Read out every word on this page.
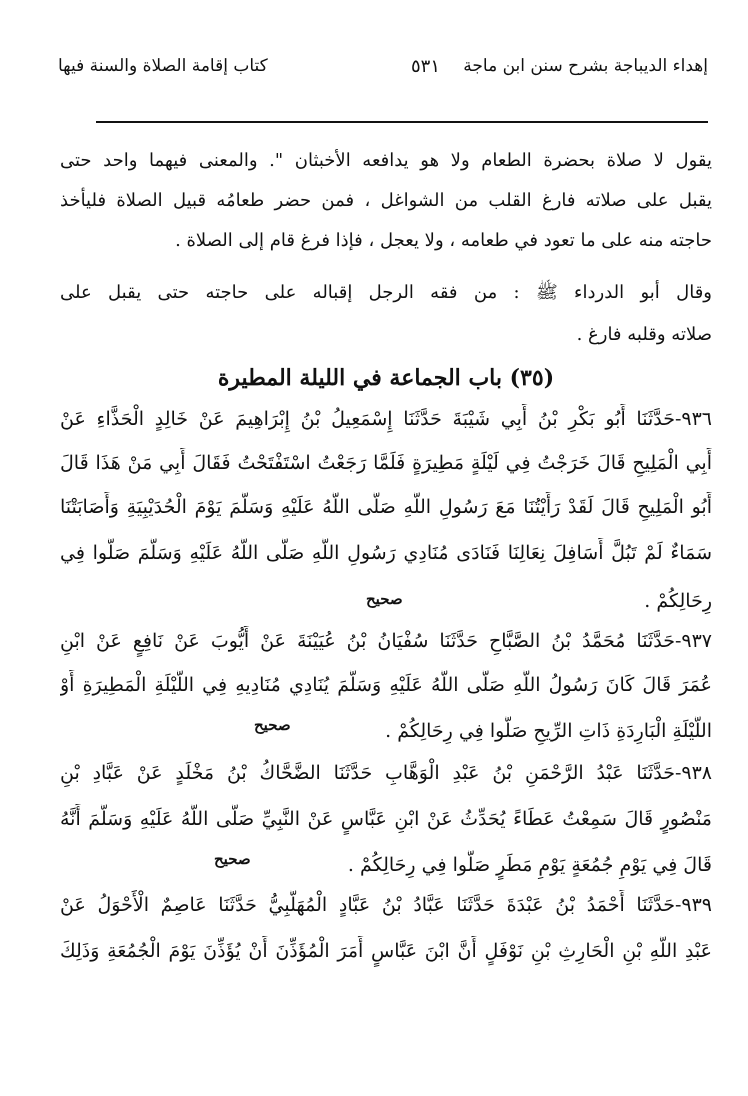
إهداء الديباجة بشرح سنن ابن ماجة
٥٣١
كتاب إقامة الصلاة والسنة فيها
يقول لا صلاة بحضرة الطعام ولا هو يدافعه الأخبثان ". والمعنى فيهما واحد حتى
يقبل على صلاته فارغ القلب من الشواغل ، فمن حضر طعامُه قبيل الصلاة فليأخذ
حاجته منه على ما تعود في طعامه ، ولا يعجل ، فإذا فرغ قام إلى الصلاة .
وقال أبو الدرداء ﷺ : من فقه الرجل إقباله على حاجته حتى يقبل على
صلاته وقلبه فارغ .
(٣٥) باب الجماعة في الليلة المطيرة
٩٣٦-حَدَّثَنَا أَبُو بَكْرِ بْنُ أَبِي شَيْبَةَ حَدَّثَنَا إِسْمَعِيلُ بْنُ إِبْرَاهِيمَ عَنْ خَالِدٍ الْحَذَّاءِ عَنْ
أَبِي الْمَلِيحِ قَالَ خَرَجْتُ فِي لَيْلَةٍ مَطِيرَةٍ فَلَمَّا رَجَعْتُ اسْتَفْتَحْتُ فَقَالَ أَبِي مَنْ هَذَا قَالَ
أَبُو الْمَلِيحِ قَالَ لَقَدْ رَأَيْتُنَا مَعَ رَسُولِ اللَّهِ صَلَّى اللَّهُ عَلَيْهِ وَسَلَّمَ يَوْمَ الْحُدَيْبِيَةِ وَأَصَابَتْنَا
سَمَاءٌ لَمْ تَبُلَّ أَسَافِلَ نِعَالِنَا فَنَادَى مُنَادِي رَسُولِ اللَّهِ صَلَّى اللَّهُ عَلَيْهِ وَسَلَّمَ صَلُّوا فِي
رِحَالِكُمْ .
صحيح
٩٣٧-حَدَّثَنَا مُحَمَّدُ بْنُ الصَّبَّاحِ حَدَّثَنَا سُفْيَانُ بْنُ عُيَيْنَةَ عَنْ أَيُّوبَ عَنْ نَافِعٍ عَنْ ابْنِ
عُمَرَ قَالَ كَانَ رَسُولُ اللَّهِ صَلَّى اللَّهُ عَلَيْهِ وَسَلَّمَ يُنَادِي مُنَادِيهِ فِي اللَّيْلَةِ الْمَطِيرَةِ أَوْ
اللَّيْلَةِ الْبَارِدَةِ ذَاتِ الرِّيحِ صَلُّوا فِي رِحَالِكُمْ .
صحيح
٩٣٨-حَدَّثَنَا عَبْدُ الرَّحْمَنِ بْنُ عَبْدِ الْوَهَّابِ حَدَّثَنَا الضَّحَّاكُ بْنُ مَخْلَدٍ عَنْ عَبَّادِ بْنِ
مَنْصُورٍ قَالَ سَمِعْتُ عَطَاءً يُحَدِّثُ عَنْ ابْنِ عَبَّاسٍ عَنْ النَّبِيِّ صَلَّى اللَّهُ عَلَيْهِ وَسَلَّمَ أَنَّهُ
قَالَ فِي يَوْمِ جُمُعَةٍ يَوْمِ مَطَرٍ صَلُّوا فِي رِحَالِكُمْ .
صحيح
٩٣٩-حَدَّثَنَا أَحْمَدُ بْنُ عَبْدَةَ حَدَّثَنَا عَبَّادُ بْنُ عَبَّادٍ الْمُهَلَّبِيُّ حَدَّثَنَا عَاصِمٌ الْأَحْوَلُ عَنْ
عَبْدِ اللَّهِ بْنِ الْحَارِثِ بْنِ نَوْفَلٍ أَنَّ ابْنَ عَبَّاسٍ أَمَرَ الْمُؤَذِّنَ أَنْ يُؤَذِّنَ يَوْمَ الْجُمُعَةِ وَذَلِكَ
